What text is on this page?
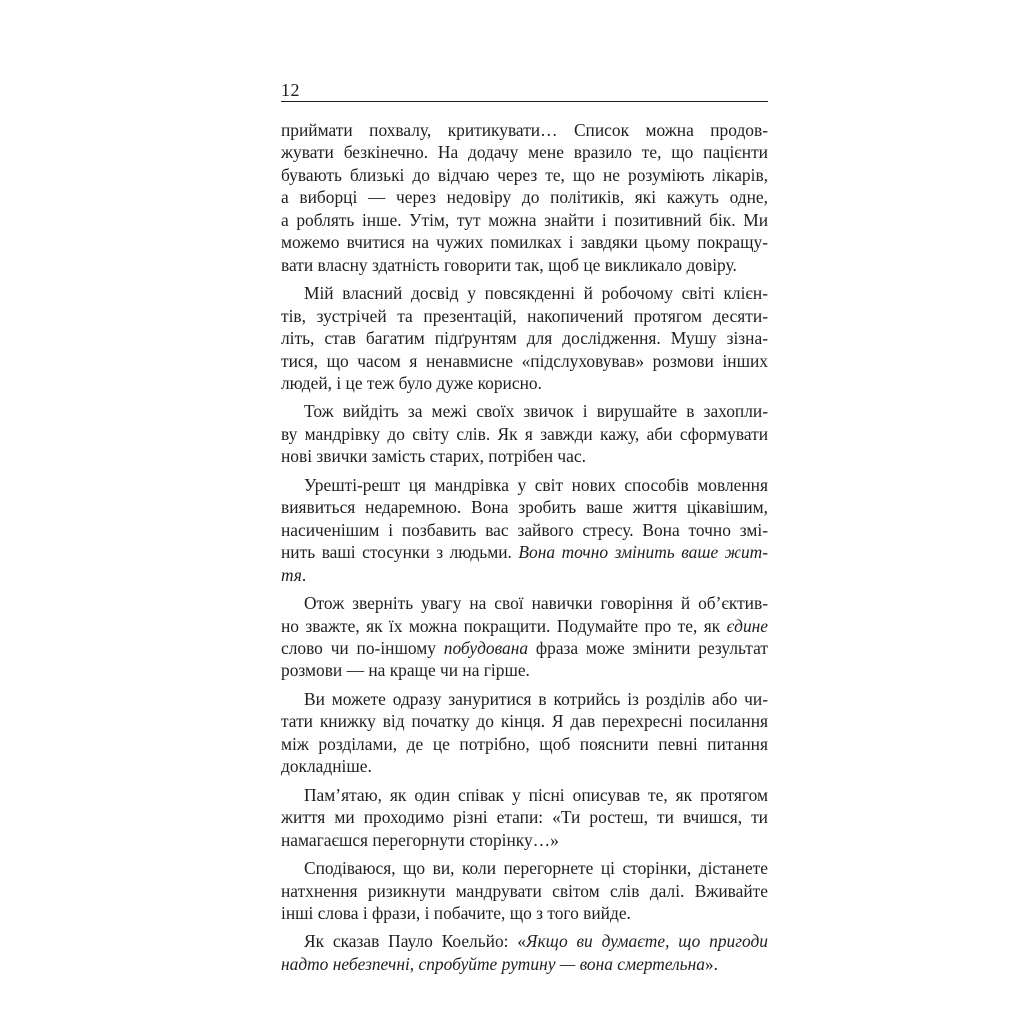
12
приймати похвалу, критикувати… Список можна продов-
жувати безкінечно. На додачу мене вразило те, що пацієнти
бувають близькі до відчаю через те, що не розуміють лікарів,
а виборці — через недовіру до політиків, які кажуть одне,
а роблять інше. Утім, тут можна знайти і позитивний бік. Ми
можемо вчитися на чужих помилках і завдяки цьому покращу-
вати власну здатність говорити так, щоб це викликало довіру.
Мій власний досвід у повсякденні й робочому світі клієн-
тів, зустрічей та презентацій, накопичений протягом десяти-
літь, став багатим підґрунтям для дослідження. Мушу зізна-
тися, що часом я ненавмисне «підслуховував» розмови інших
людей, і це теж було дуже корисно.
Тож вийдіть за межі своїх звичок і вирушайте в захопли-
ву мандрівку до світу слів. Як я завжди кажу, аби сформувати
нові звички замість старих, потрібен час.
Урешті-решт ця мандрівка у світ нових способів мовлення
виявиться недаремною. Вона зробить ваше життя цікавішим,
насиченішим і позбавить вас зайвого стресу. Вона точно змі-
нить ваші стосунки з людьми. Вона точно змінить ваше жит-
тя.
Отож зверніть увагу на свої навички говоріння й об’єктив-
но зважте, як їх можна покращити. Подумайте про те, як єдине
слово чи по-іншому побудована фраза може змінити результат
розмови — на краще чи на гірше.
Ви можете одразу зануритися в котрийсь із розділів або чи-
тати книжку від початку до кінця. Я дав перехресні посилання
між розділами, де це потрібно, щоб пояснити певні питання
докладніше.
Пам’ятаю, як один співак у пісні описував те, як протягом
життя ми проходимо різні етапи: «Ти ростеш, ти вчишся, ти
намагаєшся перегорнути сторінку…»
Сподіваюся, що ви, коли перегорнете ці сторінки, дістанете
натхнення ризикнути мандрувати світом слів далі. Вживайте
інші слова і фрази, і побачите, що з того вийде.
Як сказав Пауло Коельйо: «Якщо ви думаєте, що пригоди
надто небезпечні, спробуйте рутину — вона смертельна».
